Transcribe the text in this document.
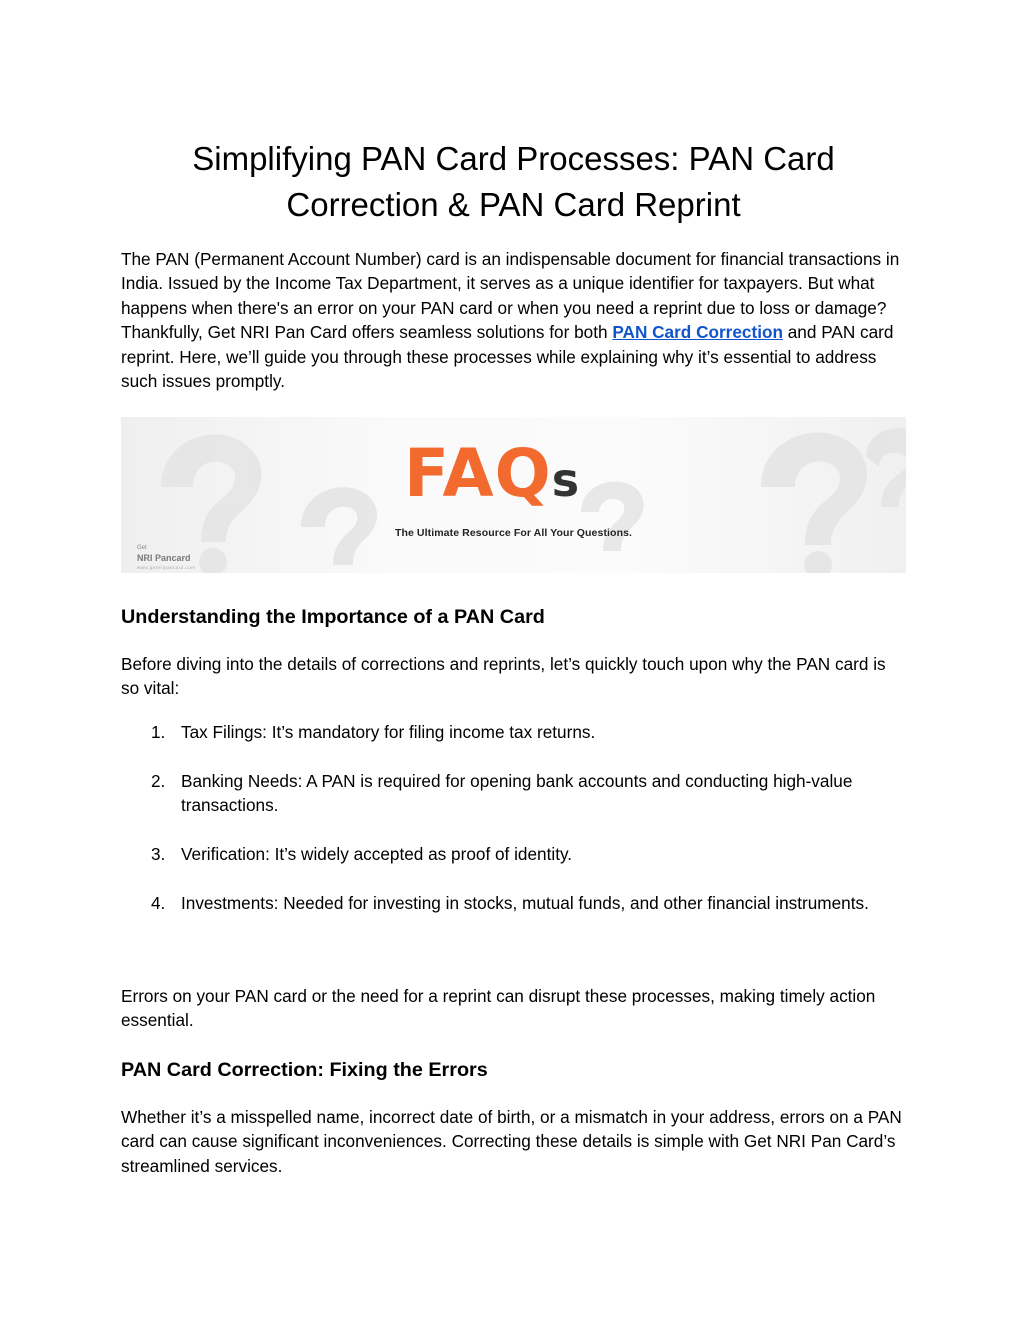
Simplifying PAN Card Processes: PAN Card Correction & PAN Card Reprint

The PAN (Permanent Account Number) card is an indispensable document for financial transactions in India. Issued by the Income Tax Department, it serves as a unique identifier for taxpayers. But what happens when there's an error on your PAN card or when you need a reprint due to loss or damage? Thankfully, Get NRI Pan Card offers seamless solutions for both PAN Card Correction and PAN card reprint. Here, we’ll guide you through these processes while explaining why it’s essential to address such issues promptly.

FAQs
The Ultimate Resource For All Your Questions.
Get
NRI Pancard
www.getnripancard.com
Understanding the Importance of a PAN Card

Before diving into the details of corrections and reprints, let’s quickly touch upon why the PAN card is so vital:

1. Tax Filings: It’s mandatory for filing income tax returns.
2. Banking Needs: A PAN is required for opening bank accounts and conducting high-value transactions.
3. Verification: It’s widely accepted as proof of identity.
4. Investments: Needed for investing in stocks, mutual funds, and other financial instruments.

Errors on your PAN card or the need for a reprint can disrupt these processes, making timely action essential.

PAN Card Correction: Fixing the Errors

Whether it’s a misspelled name, incorrect date of birth, or a mismatch in your address, errors on a PAN card can cause significant inconveniences. Correcting these details is simple with Get NRI Pan Card’s streamlined services.
